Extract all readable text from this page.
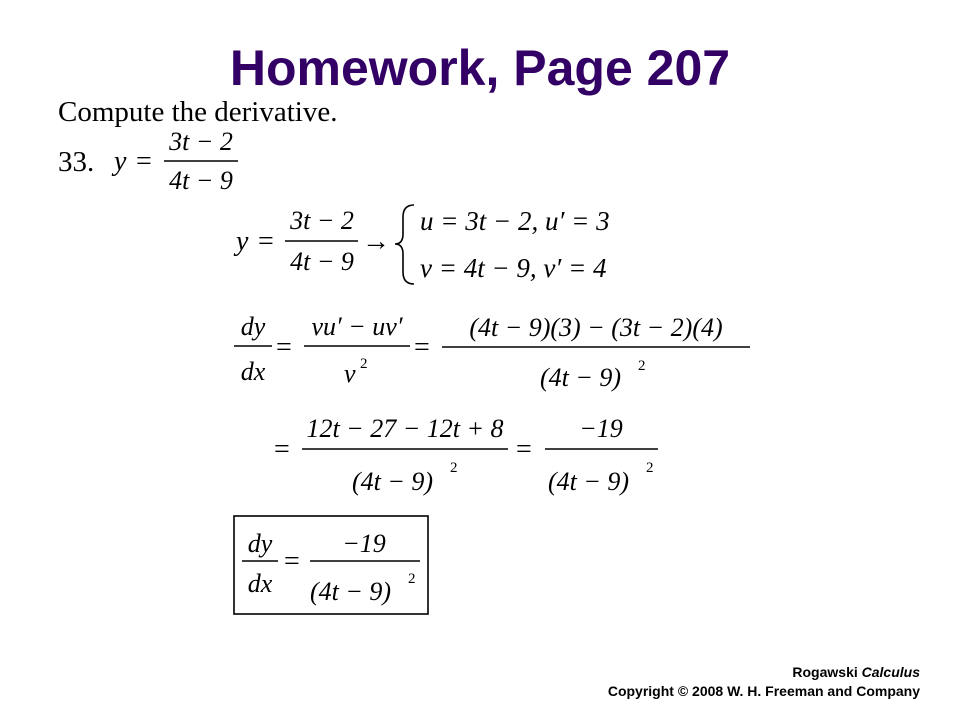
Homework, Page 207
Compute the derivative.
33. y =
3t − 2
4t − 9
y =
3t − 2
4t − 9
→
u = 3t − 2, u′ = 3
v = 4t − 9, v′ = 4
dy
dx
=
vu′ − uv′
v 2
=
(4t − 9)(3) − (3t − 2)(4)
(4t − 9) 2
=
12t − 27 − 12t + 8
(4t − 9) 2
=
−19
(4t − 9) 2
dy
dx
=
−19
(4t − 9) 2
Rogawski Calculus
Copyright © 2008 W. H. Freeman and Company
